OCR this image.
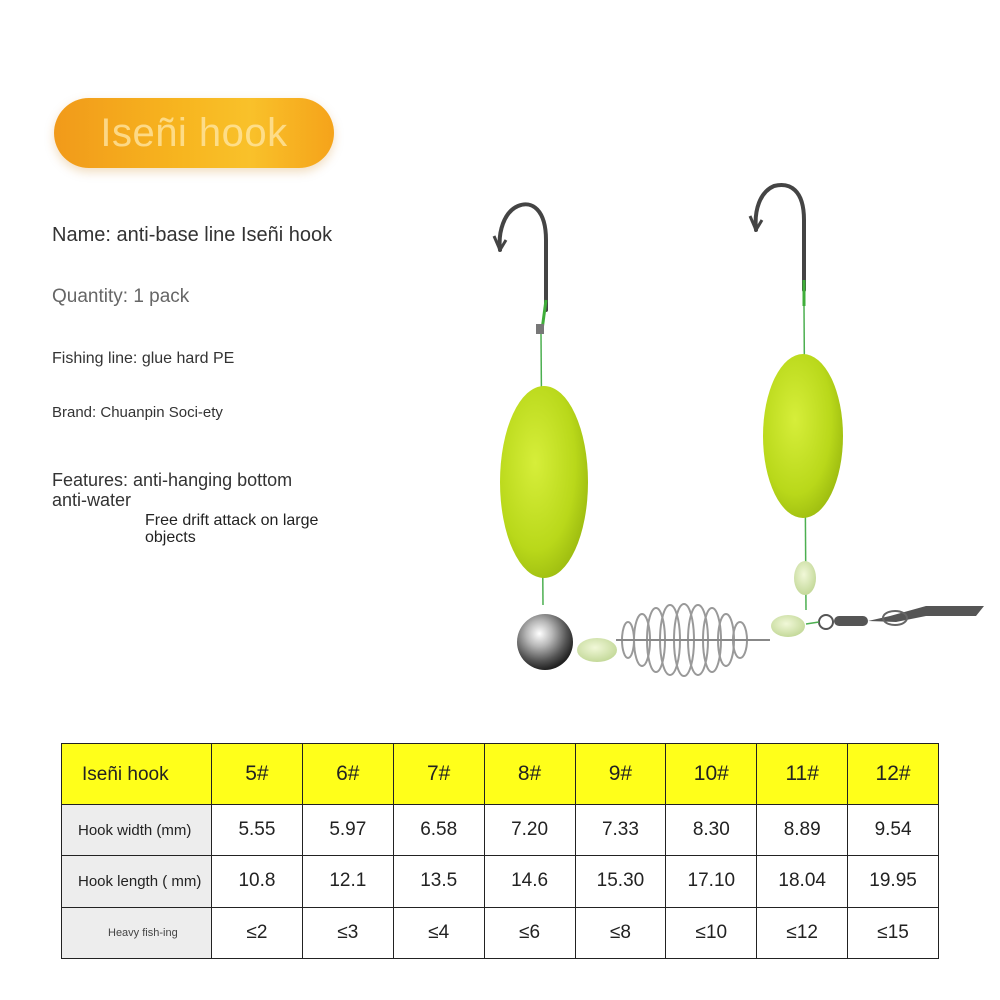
Iseñi hook
Name: anti-base line Iseñi hook
Quantity: 1 pack
Fishing line: glue hard PE
Brand: Chuanpin Soci-ety
Features: anti-hanging bottom anti-water
Free drift attack on large objects
Iseñi hook	5#	6#	7#	8#	9#	10#	11#	12#
Hook width (mm)	5.55	5.97	6.58	7.20	7.33	8.30	8.89	9.54
Hook length ( mm)	10.8	12.1	13.5	14.6	15.30	17.10	18.04	19.95
Heavy fish-ing	≤2	≤3	≤4	≤6	≤8	≤10	≤12	≤15
